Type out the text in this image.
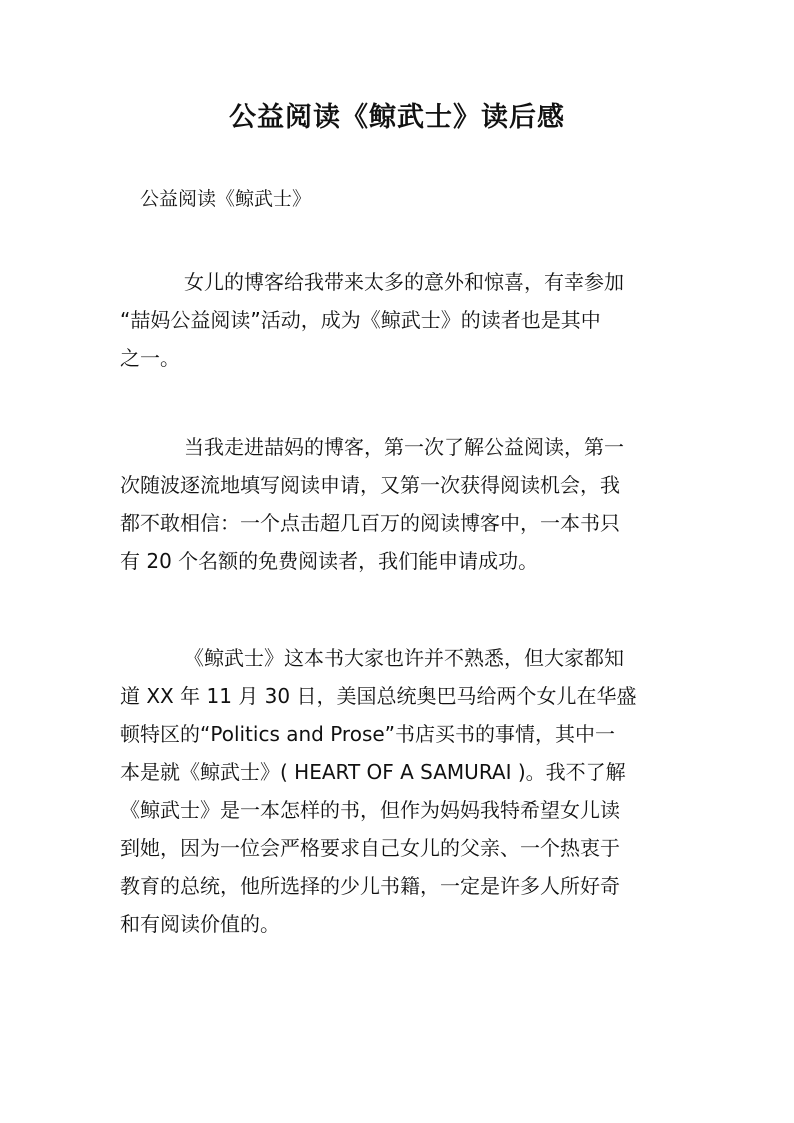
公益阅读《鲸武士》读后感
公益阅读《鲸武士》
女儿的博客给我带来太多的意外和惊喜，有幸参加
“喆妈公益阅读”活动，成为《鲸武士》的读者也是其中
之一。
当我走进喆妈的博客，第一次了解公益阅读，第一
次随波逐流地填写阅读申请，又第一次获得阅读机会，我
都不敢相信：一个点击超几百万的阅读博客中，一本书只
有 20 个名额的免费阅读者，我们能申请成功。
《鲸武士》这本书大家也许并不熟悉，但大家都知
道 XX 年 11 月 30 日，美国总统奥巴马给两个女儿在华盛
顿特区的“Politics and Prose”书店买书的事情，其中一
本是就《鲸武士》( HEART OF A SAMURAI )。我不了解
《鲸武士》是一本怎样的书，但作为妈妈我特希望女儿读
到她，因为一位会严格要求自己女儿的父亲、一个热衷于
教育的总统，他所选择的少儿书籍，一定是许多人所好奇
和有阅读价值的。
